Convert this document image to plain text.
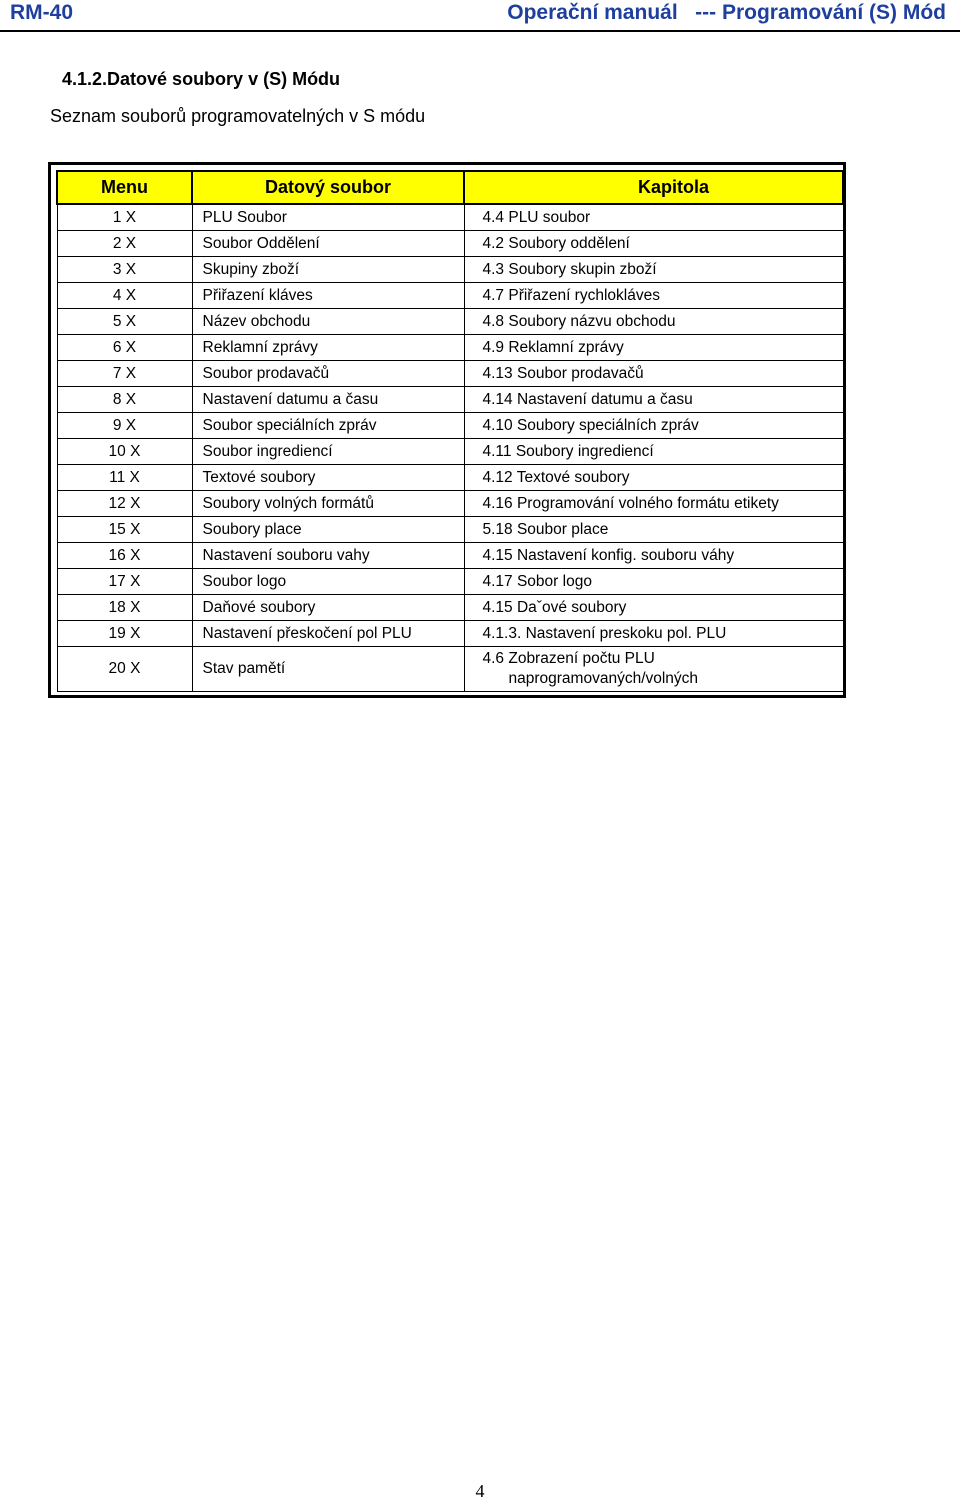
RM-40	Operační manuál   --- Programování (S) Mód
4.1.2.Datové soubory v (S) Módu
Seznam souborů programovatelných v S módu
Menu	Datový soubor	Kapitola
1 X	PLU Soubor	4.4 PLU soubor
2 X	Soubor Oddělení	4.2 Soubory oddělení
3 X	Skupiny zboží	4.3 Soubory skupin zboží
4 X	Přiřazení kláves	4.7 Přiřazení rychlokláves
5 X	Název obchodu	4.8 Soubory názvu obchodu
6 X	Reklamní zprávy	4.9 Reklamní zprávy
7 X	Soubor prodavačů	4.13 Soubor prodavačů
8 X	Nastavení datumu a času	4.14 Nastavení datumu a času
9 X	Soubor speciálních zpráv	4.10 Soubory speciálních zpráv
10 X	Soubor ingrediencí	4.11 Soubory ingrediencí
11 X	Textové soubory	4.12 Textové soubory
12 X	Soubory volných formátů	4.16 Programování volného formátu etikety
15 X	Soubory place	5.18 Soubor place
16 X	Nastavení souboru vahy	4.15 Nastavení konfig. souboru váhy
17 X	Soubor logo	4.17 Sobor logo
18 X	Daňové soubory	4.15 Daˇové soubory
19 X	Nastavení přeskočení pol PLU	4.1.3. Nastavení preskoku pol. PLU
20 X	Stav pamětí	4.6 Zobrazení počtu PLU
naprogramovaných/volných
4
